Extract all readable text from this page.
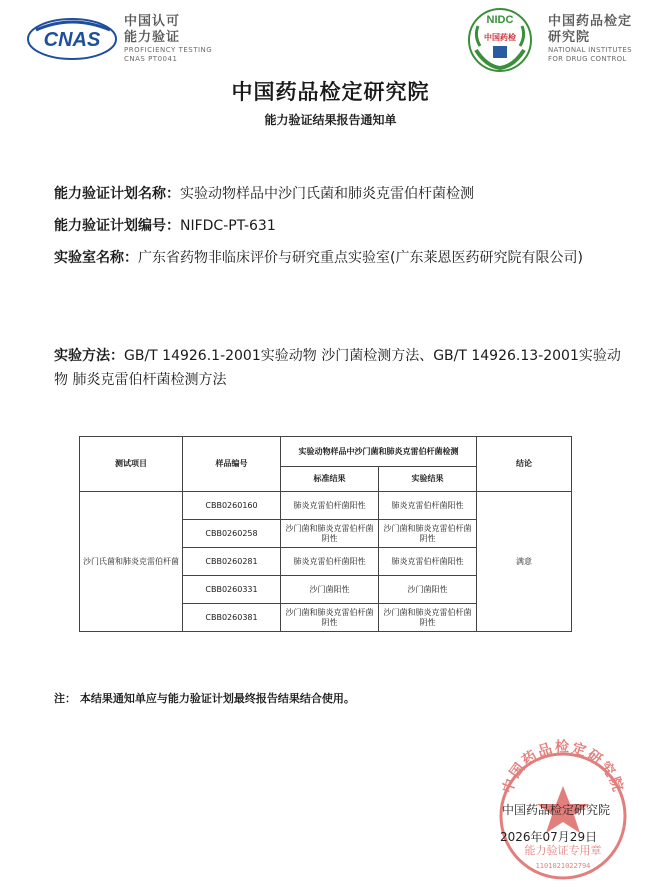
CNAS
中国认可
能力验证
PROFICIENCY TESTING
CNAS PT0041
NIDC
中国药检
中国药品检定
研究院
NATIONAL INSTITUTES
FOR DRUG CONTROL
中国药品检定研究院
能力验证结果报告通知单
能力验证计划名称：实验动物样品中沙门氏菌和肺炎克雷伯杆菌检测
能力验证计划编号：NIFDC-PT-631
实验室名称：广东省药物非临床评价与研究重点实验室(广东莱恩医药研究院有限公司)
实验方法：GB/T 14926.1-2001实验动物 沙门菌检测方法、GB/T 14926.13-2001实验动物 肺炎克雷伯杆菌检测方法
测试项目	样品编号	实验动物样品中沙门菌和肺炎克雷伯杆菌检测		结论
		标准结果	实验结果	
沙门氏菌和肺炎克雷伯杆菌	CBB0260160	肺炎克雷伯杆菌阳性	肺炎克雷伯杆菌阳性	满意
	CBB0260258	沙门菌和肺炎克雷伯杆菌阴性	沙门菌和肺炎克雷伯杆菌阴性	
	CBB0260281	肺炎克雷伯杆菌阳性	肺炎克雷伯杆菌阳性	
	CBB0260331	沙门菌阳性	沙门菌阳性	
	CBB0260381	沙门菌和肺炎克雷伯杆菌阴性	沙门菌和肺炎克雷伯杆菌阴性	
注： 本结果通知单应与能力验证计划最终报告结果结合使用。
中国药品检定研究院
能力验证专用章
1101021022794
中国药品检定研究院
2026年07月29日
